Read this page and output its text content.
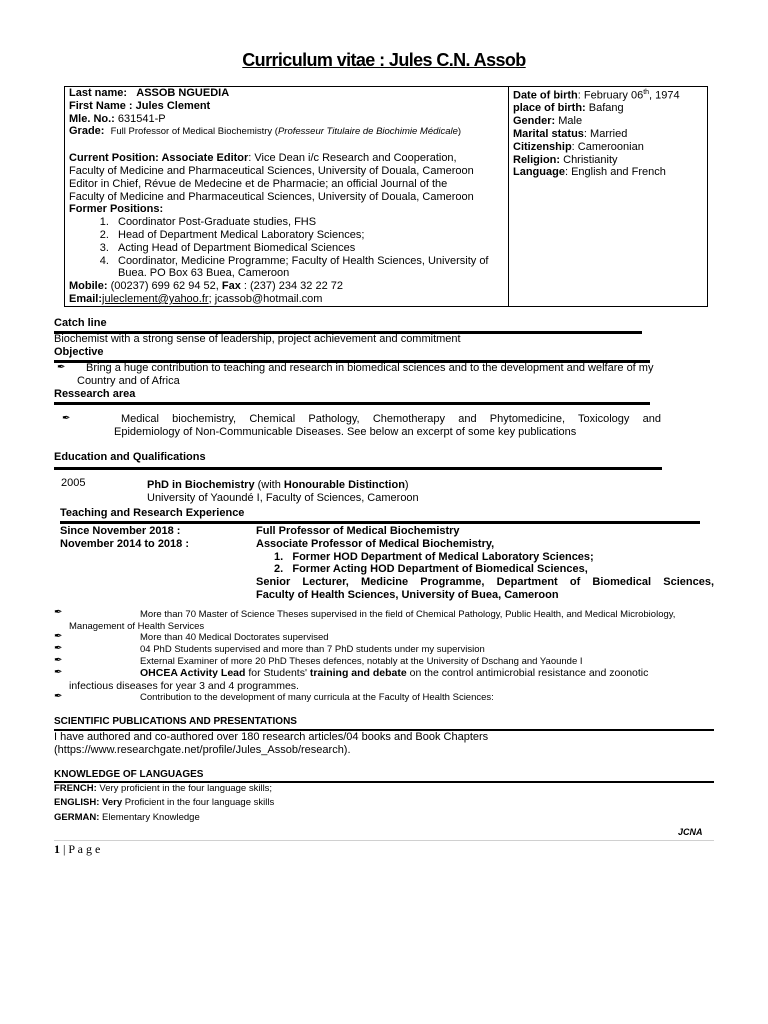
Curriculum vitae : Jules C.N. Assob
Last name: ASSOB NGUEDIA
First Name : Jules Clement
Mle. No.: 631541-P
Grade: Full Professor of Medical Biochemistry (Professeur Titulaire de Biochimie Médicale)
Current Position: Associate Editor: Vice Dean i/c Research and Cooperation,
Faculty of Medicine and Pharmaceutical Sciences, University of Douala, Cameroon
Editor in Chief, Révue de Medecine et de Pharmacie; an official Journal of the
Faculty of Medicine and Pharmaceutical Sciences, University of Douala, Cameroon
Former Positions:
1. Coordinator Post-Graduate studies, FHS
2. Head of Department Medical Laboratory Sciences;
3. Acting Head of Department Biomedical Sciences
4. Coordinator, Medicine Programme; Faculty of Health Sciences, University of Buea. PO Box 63 Buea, Cameroon
Mobile: (00237) 699 62 94 52, Fax : (237) 234 32 22 72
Email:juleclement@yahoo.fr; jcassob@hotmail.com

Date of birth: February 06th, 1974
place of birth: Bafang
Gender: Male
Marital status: Married
Citizenship: Cameroonian
Religion: Christianity
Language: English and French
Catch line
Biochemist with a strong sense of leadership, project achievement and commitment
Objective
✒ Bring a huge contribution to teaching and research in biomedical sciences and to the development and welfare of my
Country and of Africa
Ressearch area
✒	Medical biochemistry, Chemical Pathology, Chemotherapy and Phytomedicine, Toxicology and
Epidemiology of Non-Communicable Diseases. See below an excerpt of some key publications
Education and Qualifications
2005	PhD in Biochemistry (with Honourable Distinction)
University of Yaoundé I, Faculty of Sciences, Cameroon
Teaching and Research Experience
Since November 2018 :	Full Professor of Medical Biochemistry
November 2014 to 2018 :	Associate Professor of Medical Biochemistry,
1. Former HOD Department of Medical Laboratory Sciences;
2. Former Acting HOD Department of Biomedical Sciences,
Senior Lecturer, Medicine Programme, Department of Biomedical Sciences,
Faculty of Health Sciences, University of Buea, Cameroon
✒	More than 70 Master of Science Theses supervised in the field of Chemical Pathology, Public Health, and Medical Microbiology,
Management of Health Services
✒	More than 40 Medical Doctorates supervised
✒	04 PhD Students supervised and more than 7 PhD students under my supervision
✒	External Examiner of more 20 PhD Theses defences, notably at the University of Dschang and Yaounde I
✒	OHCEA Activity Lead for Students' training and debate on the control antimicrobial resistance and zoonotic
infectious diseases for year 3 and 4 programmes.
✒	Contribution to the development of many curricula at the Faculty of Health Sciences:
SCIENTIFIC PUBLICATIONS AND PRESENTATIONS
I have authored and co-authored over 180 research articles/04 books and Book Chapters
(https://www.researchgate.net/profile/Jules_Assob/research).
KNOWLEDGE OF LANGUAGES
FRENCH: Very proficient in the four language skills;
ENGLISH: Very Proficient in the four language skills
GERMAN: Elementary Knowledge
JCNA
1 | P a g e
